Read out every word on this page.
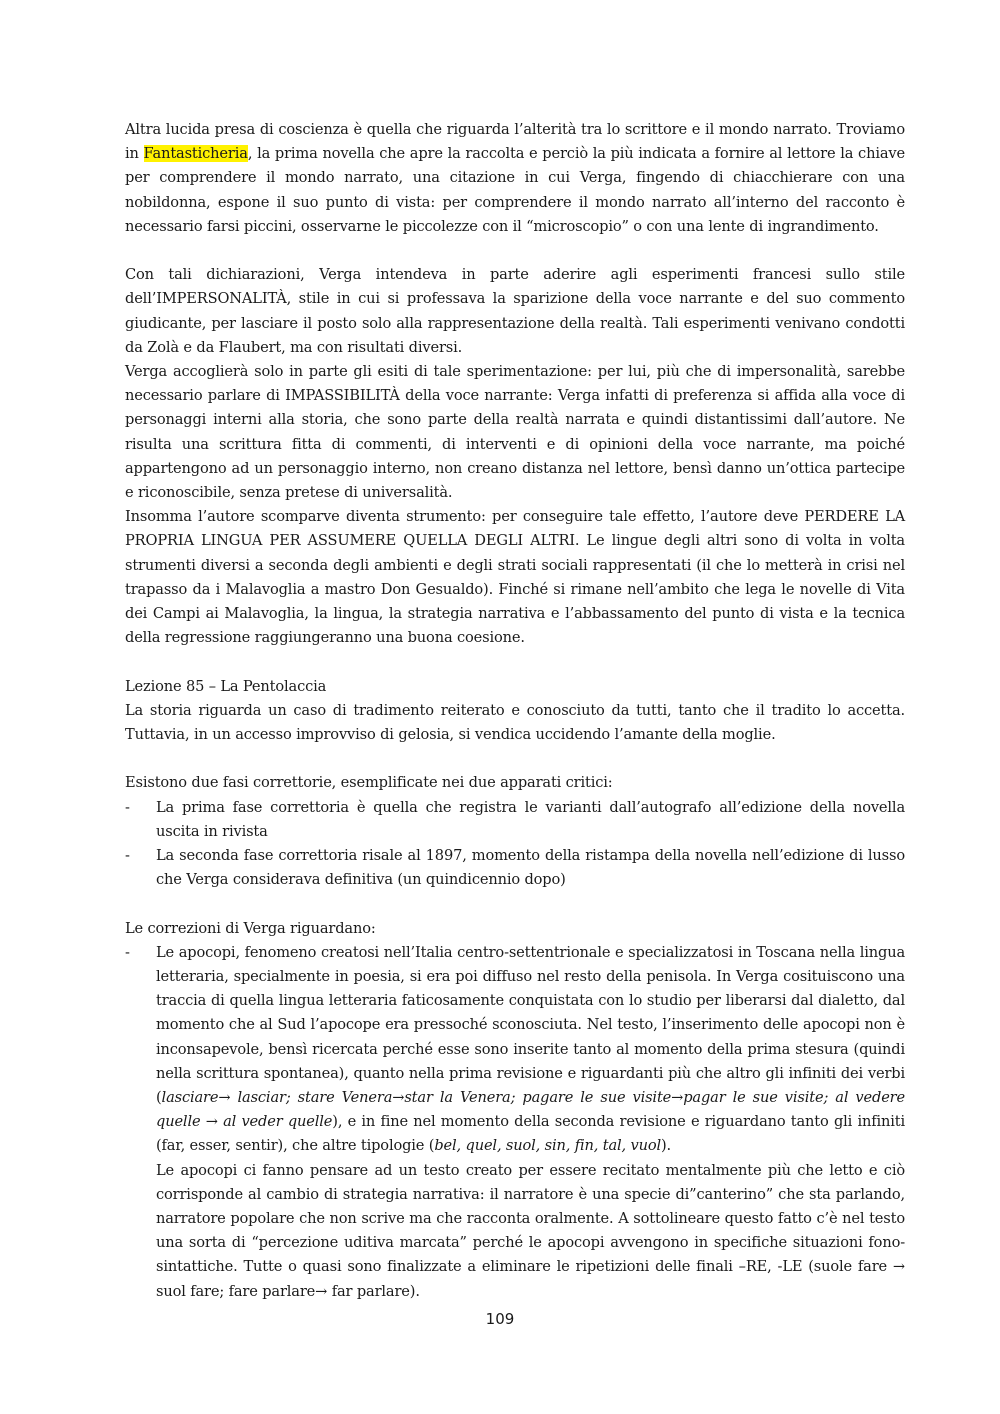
Altra lucida presa di coscienza è quella che riguarda l’alterità tra lo scrittore e il mondo narrato. Troviamo in Fantasticheria, la prima novella che apre la raccolta e perciò la più indicata a fornire al lettore la chiave per comprendere il mondo narrato, una citazione in cui Verga, fingendo di chiacchierare con una nobildonna, espone il suo punto di vista: per comprendere il mondo narrato all’interno del racconto è necessario farsi piccini, osservarne le piccolezze con il “microscopio” o con una lente di ingrandimento.

Con tali dichiarazioni, Verga intendeva in parte aderire agli esperimenti francesi sullo stile dell’IMPERSONALITÀ, stile in cui si professava la sparizione della voce narrante e del suo commento giudicante, per lasciare il posto solo alla rappresentazione della realtà. Tali esperimenti venivano condotti da Zolà e da Flaubert, ma con risultati diversi.

Verga accoglierà solo in parte gli esiti di tale sperimentazione: per lui, più che di impersonalità, sarebbe necessario parlare di IMPASSIBILITÀ della voce narrante: Verga infatti di preferenza si affida alla voce di personaggi interni alla storia, che sono parte della realtà narrata e quindi distantissimi dall’autore. Ne risulta una scrittura fitta di commenti, di interventi e di opinioni della voce narrante, ma poiché appartengono ad un personaggio interno, non creano distanza nel lettore, bensì danno un’ottica partecipe e riconoscibile, senza pretese di universalità.

Insomma l’autore scomparve diventa strumento: per conseguire tale effetto, l’autore deve PERDERE LA PROPRIA LINGUA PER ASSUMERE QUELLA DEGLI ALTRI. Le lingue degli altri sono di volta in volta strumenti diversi a seconda degli ambienti e degli strati sociali rappresentati (il che lo metterà in crisi nel trapasso da i Malavoglia a mastro Don Gesualdo). Finché si rimane nell’ambito che lega le novelle di Vita dei Campi ai Malavoglia, la lingua, la strategia narrativa e l’abbassamento del punto di vista e la tecnica della regressione raggiungeranno una buona coesione.

Lezione 85 – La Pentolaccia

La storia riguarda un caso di tradimento reiterato e conosciuto da tutti, tanto che il tradito lo accetta. Tuttavia, in un accesso improvviso di gelosia, si vendica uccidendo l’amante della moglie.

Esistono due fasi correttorie, esemplificate nei due apparati critici:

- La prima fase correttoria è quella che registra le varianti dall’autografo all’edizione della novella uscita in rivista
- La seconda fase correttoria risale al 1897, momento della ristampa della novella nell’edizione di lusso che Verga considerava definitiva (un quindicennio dopo)

Le correzioni di Verga riguardano:

- Le apocopi, fenomeno creatosi nell’Italia centro-settentrionale e specializzatosi in Toscana nella lingua letteraria, specialmente in poesia, si era poi diffuso nel resto della penisola. In Verga cosituiscono una traccia di quella lingua letteraria faticosamente conquistata con lo studio per liberarsi dal dialetto, dal momento che al Sud l’apocope era pressoché sconosciuta. Nel testo, l’inserimento delle apocopi non è inconsapevole, bensì ricercata perché esse sono inserite tanto al momento della prima stesura (quindi nella scrittura spontanea), quanto nella prima revisione e riguardanti più che altro gli infiniti dei verbi (lasciare→ lasciar; stare Venera→star la Venera; pagare le sue visite→pagar le sue visite; al vedere quelle → al veder quelle), e in fine nel momento della seconda revisione e riguardano tanto gli infiniti (far, esser, sentir), che altre tipologie (bel, quel, suol, sin, fin, tal, vuol).

Le apocopi ci fanno pensare ad un testo creato per essere recitato mentalmente più che letto e ciò corrisponde al cambio di strategia narrativa: il narratore è una specie di”canterino” che sta parlando, narratore popolare che non scrive ma che racconta oralmente. A sottolineare questo fatto c’è nel testo una sorta di “percezione uditiva marcata” perché le apocopi avvengono in specifiche situazioni fono-sintattiche. Tutte o quasi sono finalizzate a eliminare le ripetizioni delle finali –RE, -LE (suole fare → suol fare; fare parlare→ far parlare).

109
